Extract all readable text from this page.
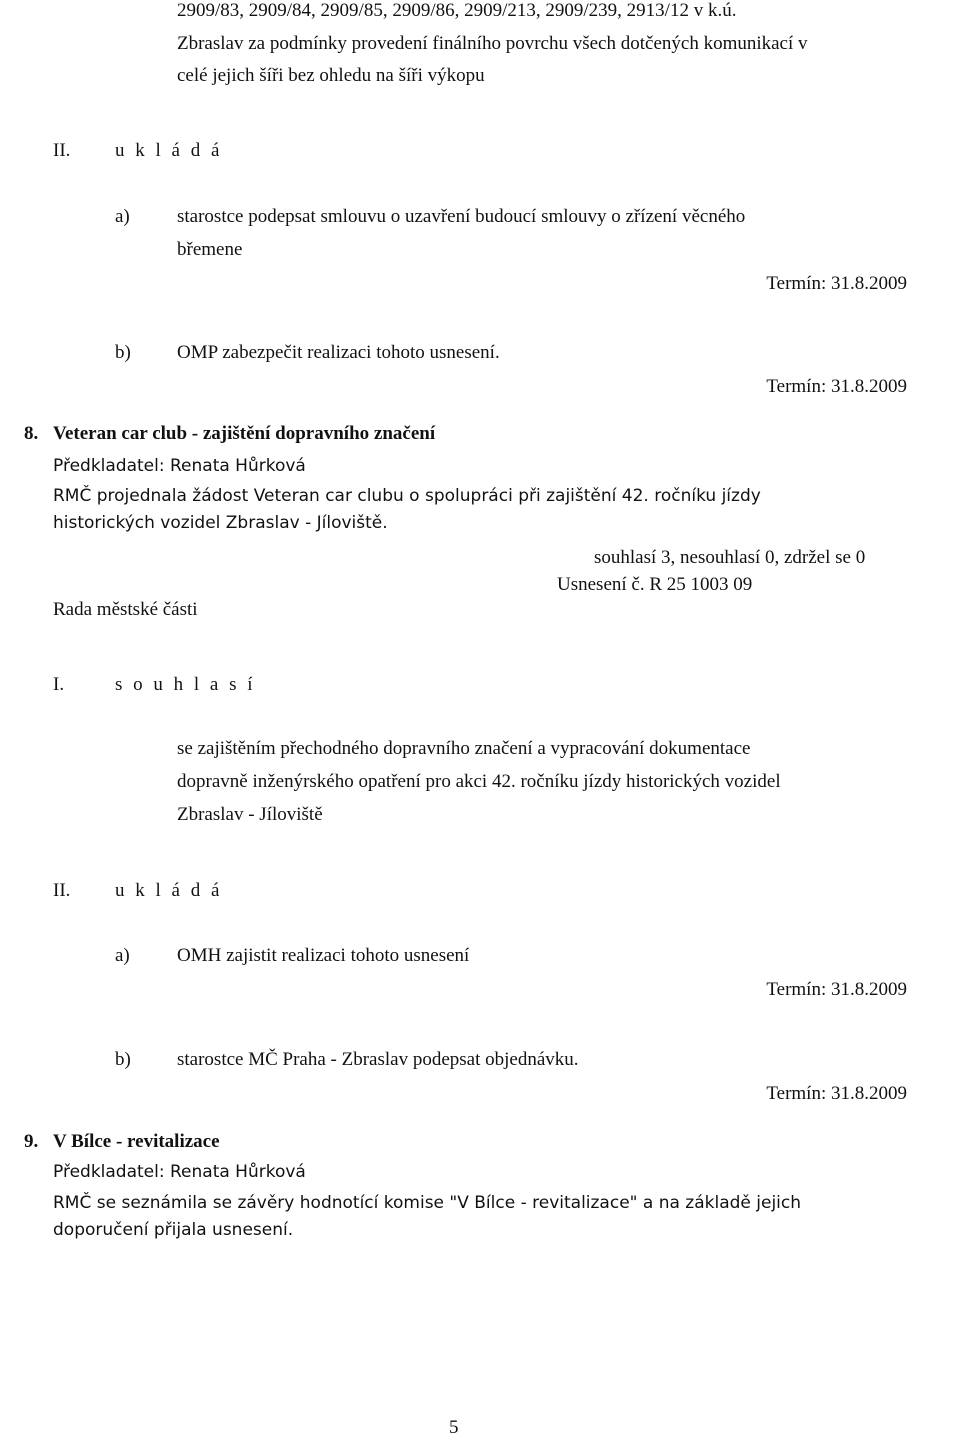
2909/83, 2909/84, 2909/85, 2909/86, 2909/213, 2909/239, 2913/12 v k.ú.
Zbraslav za podmínky provedení finálního povrchu všech dotčených komunikací v
celé jejich šíři bez ohledu na šíři výkopu
II. u k l á d á
a) starostce podepsat smlouvu o uzavření budoucí smlouvy o zřízení věcného
břemene
Termín: 31.8.2009
b) OMP zabezpečit realizaci tohoto usnesení.
Termín: 31.8.2009
8. Veteran car club - zajištění dopravního značení
Předkladatel: Renata Hůrková
RMČ projednala žádost Veteran car clubu o spolupráci při zajištění 42. ročníku jízdy
historických vozidel Zbraslav - Jíloviště.
souhlasí 3, nesouhlasí 0, zdržel se 0
Usnesení č. R 25 1003 09
Rada městské části
I.	s o u h l a s í
se zajištěním přechodného dopravního značení a vypracování dokumentace
dopravně inženýrského opatření pro akci 42. ročníku jízdy historických vozidel
Zbraslav - Jíloviště
II. u k l á d á
a) OMH zajistit realizaci tohoto usnesení
Termín: 31.8.2009
b) starostce MČ Praha - Zbraslav podepsat objednávku.
Termín: 31.8.2009
9. V Bílce - revitalizace
Předkladatel: Renata Hůrková
RMČ se seznámila se závěry hodnotící komise "V Bílce - revitalizace" a na základě jejich
doporučení přijala usnesení.
5
